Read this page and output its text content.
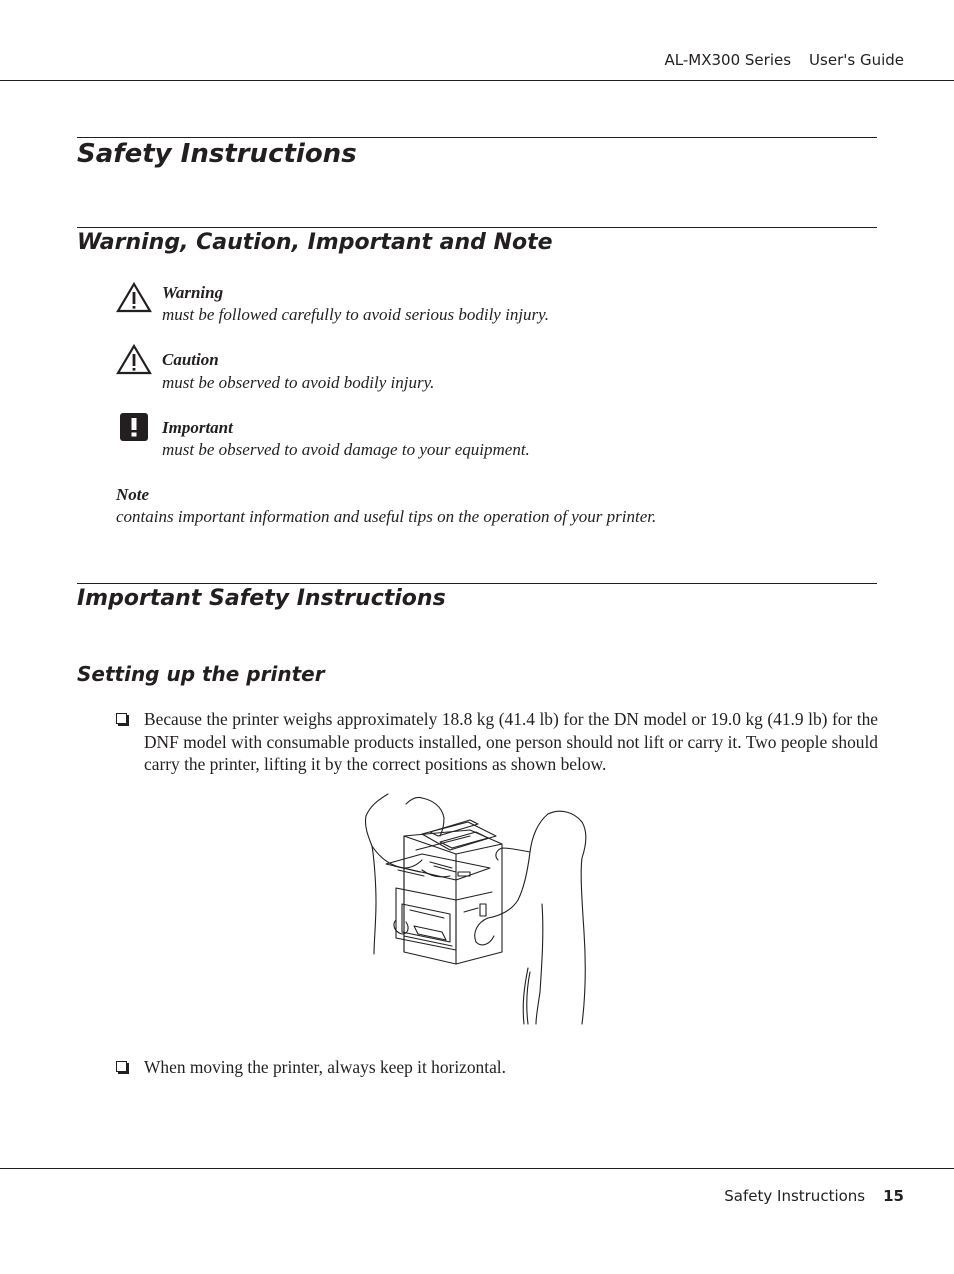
AL-MX300 Series User's Guide
Safety Instructions
Warning, Caution, Important and Note
Warning
must be followed carefully to avoid serious bodily injury.
Caution
must be observed to avoid bodily injury.
Important
must be observed to avoid damage to your equipment.
Note
contains important information and useful tips on the operation of your printer.
Important Safety Instructions
Setting up the printer
Because the printer weighs approximately 18.8 kg (41.4 lb) for the DN model or 19.0 kg (41.9 lb) for the DNF model with consumable products installed, one person should not lift or carry it. Two people should carry the printer, lifting it by the correct positions as shown below.
When moving the printer, always keep it horizontal.
Safety Instructions 15
